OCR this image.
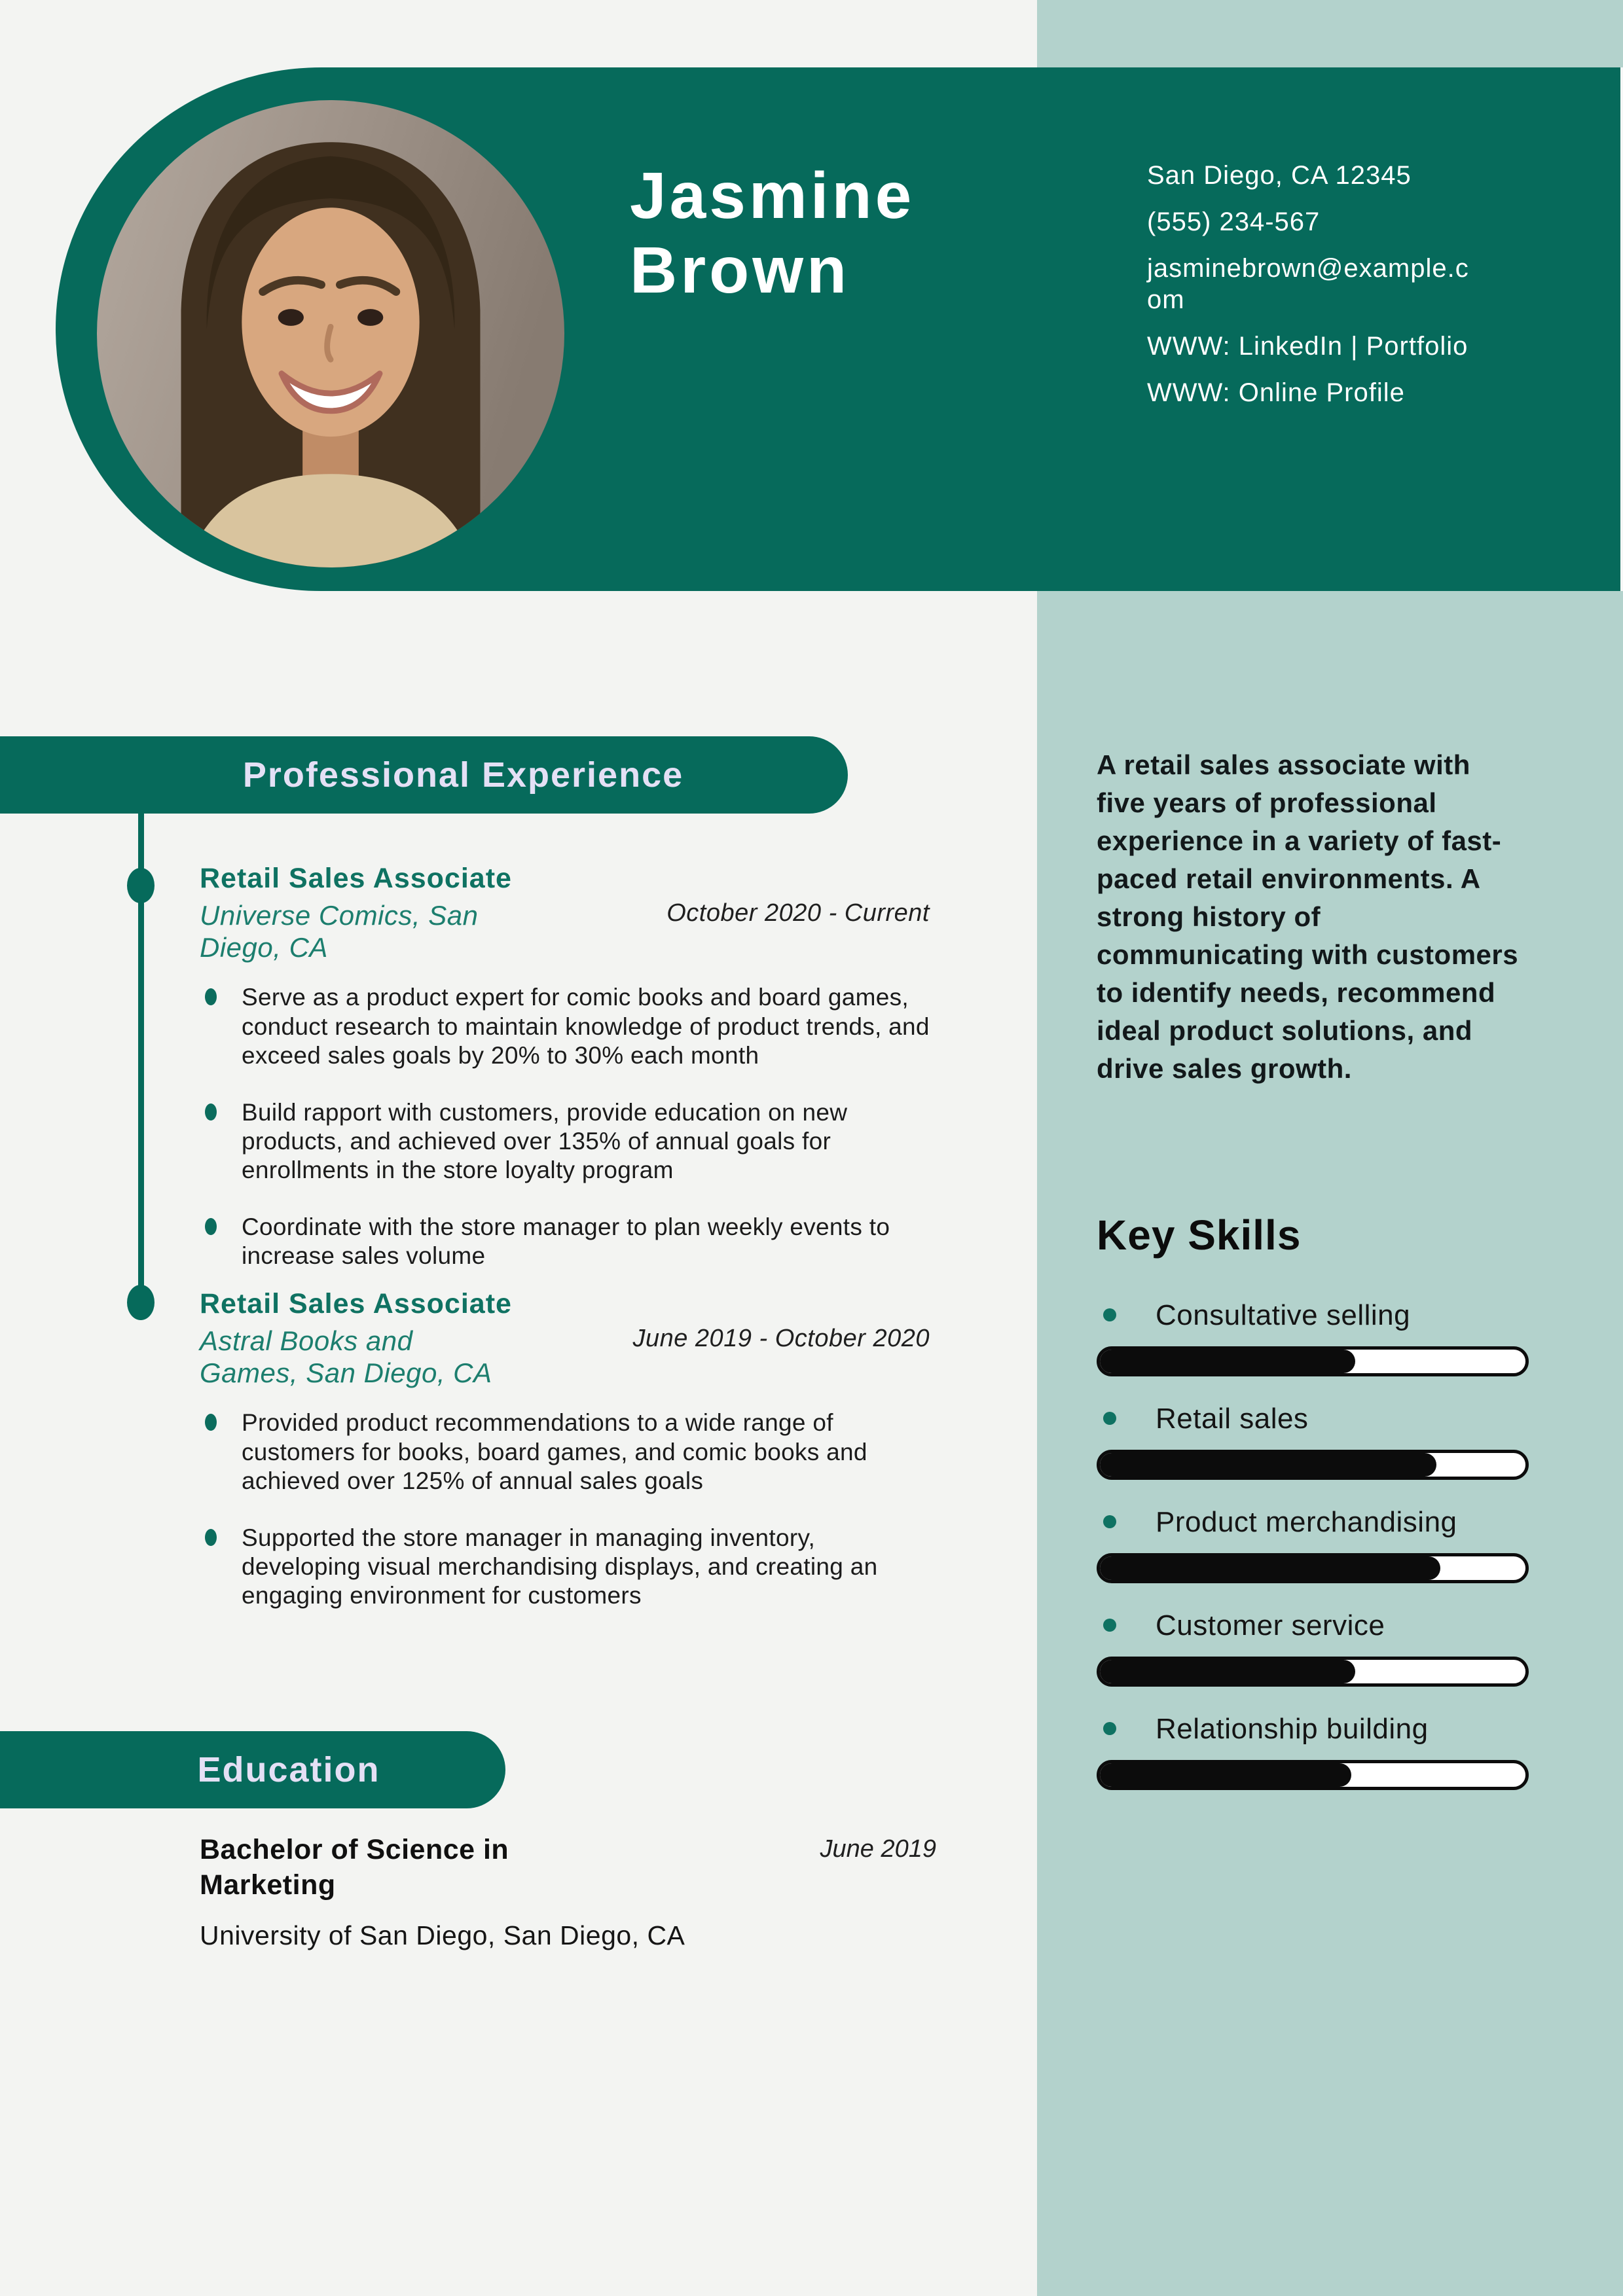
Jasmine
Brown
San Diego, CA 12345
(555) 234-567
jasminebrown@example.com
WWW: LinkedIn | Portfolio
WWW: Online Profile
Professional Experience
Retail Sales Associate
Universe Comics, San Diego, CA
October 2020 - Current
Serve as a product expert for comic books and board games, conduct research to maintain knowledge of product trends, and exceed sales goals by 20% to 30% each month
Build rapport with customers, provide education on new products, and achieved over 135% of annual goals for enrollments in the store loyalty program
Coordinate with the store manager to plan weekly events to increase sales volume
Retail Sales Associate
Astral Books and Games, San Diego, CA
June 2019 - October 2020
Provided product recommendations to a wide range of customers for books, board games, and comic books and achieved over 125% of annual sales goals
Supported the store manager in managing inventory, developing visual merchandising displays, and creating an engaging environment for customers
Education
Bachelor of Science in Marketing
June 2019
University of San Diego, San Diego, CA
A retail sales associate with five years of professional experience in a variety of fast-paced retail environments. A strong history of communicating with customers to identify needs, recommend ideal product solutions, and drive sales growth.
Key Skills
Consultative selling
Retail sales
Product merchandising
Customer service
Relationship building
